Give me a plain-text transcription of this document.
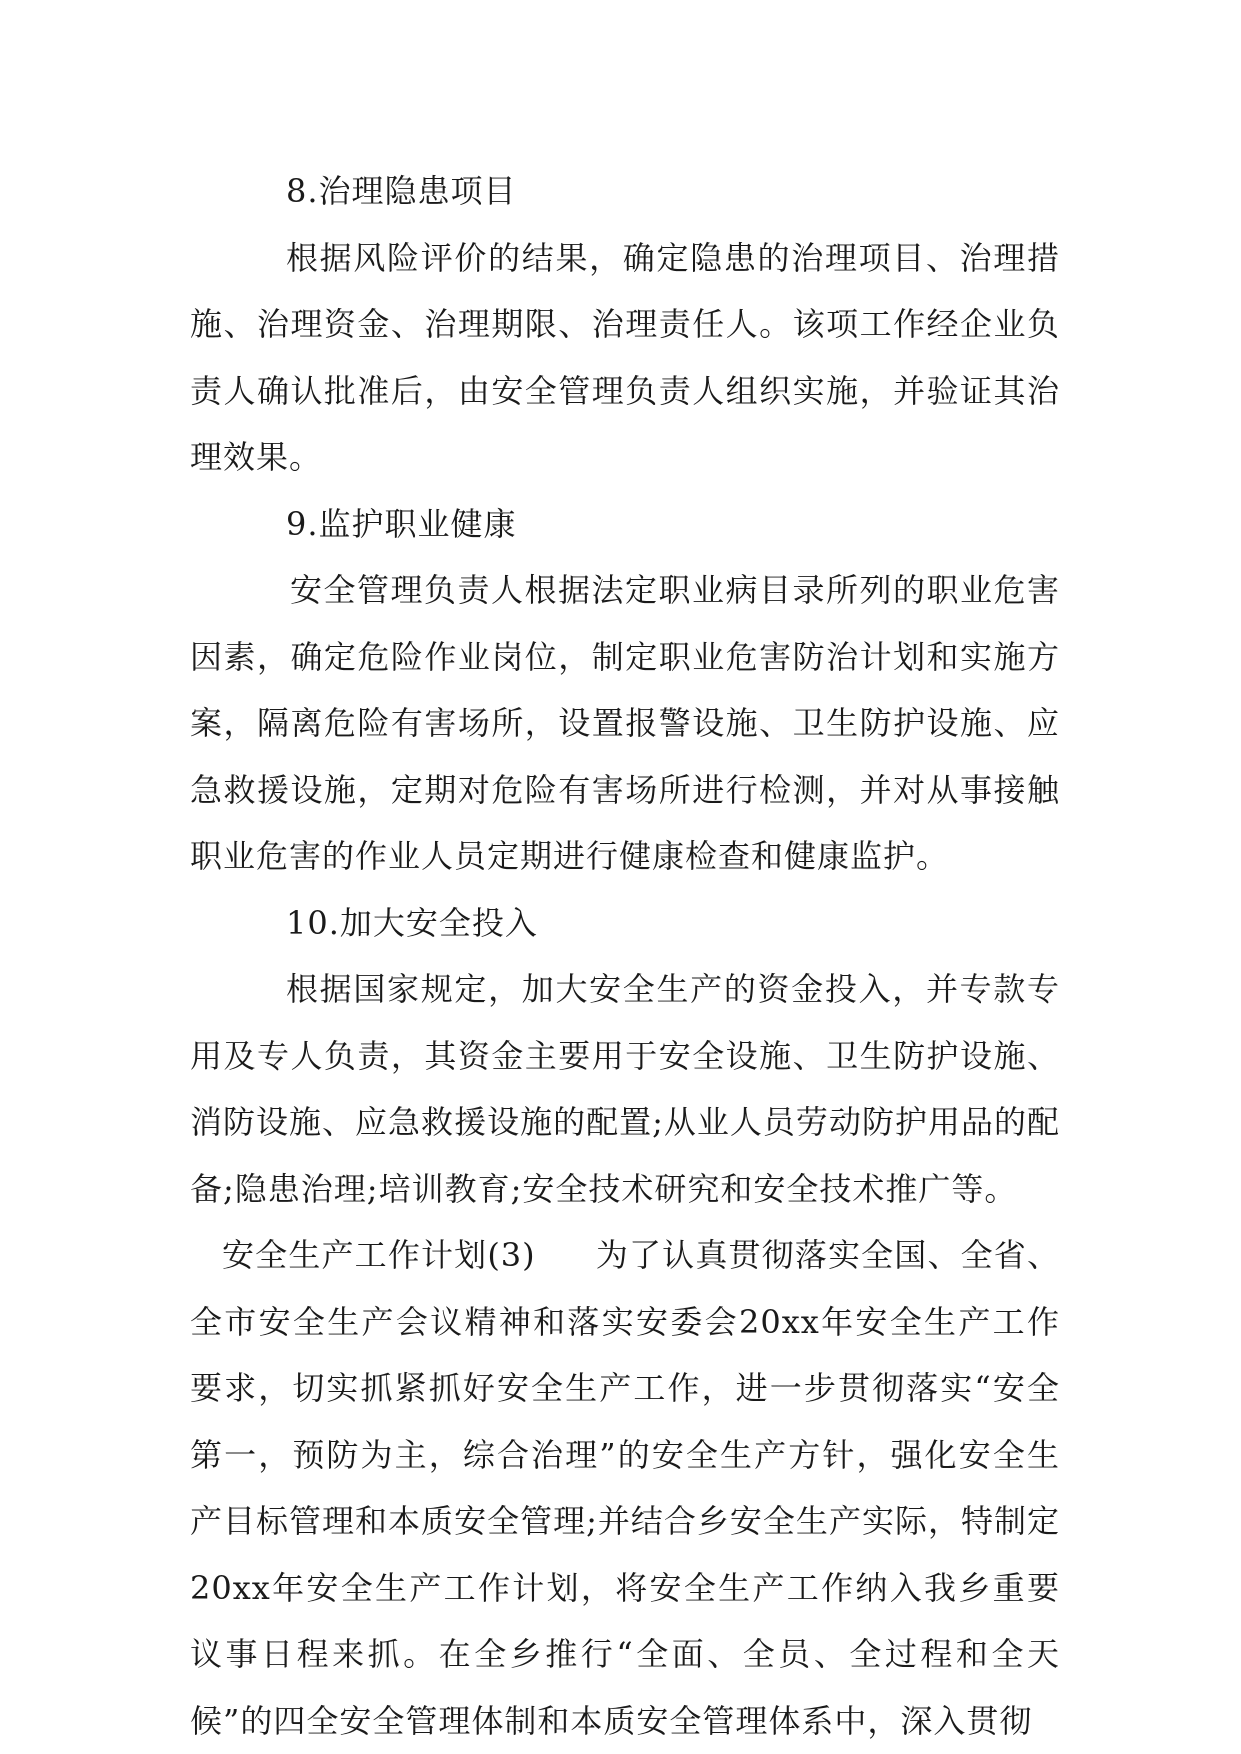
8.治理隐患项目

根据风险评价的结果，确定隐患的治理项目、治理措施、治理资金、治理期限、治理责任人。该项工作经企业负责人确认批准后，由安全管理负责人组织实施，并验证其治理效果。

9.监护职业健康

安全管理负责人根据法定职业病目录所列的职业危害因素，确定危险作业岗位，制定职业危害防治计划和实施方案，隔离危险有害场所，设置报警设施、卫生防护设施、应急救援设施，定期对危险有害场所进行检测，并对从事接触职业危害的作业人员定期进行健康检查和健康监护。

10.加大安全投入

根据国家规定，加大安全生产的资金投入，并专款专用及专人负责，其资金主要用于安全设施、卫生防护设施、消防设施、应急救援设施的配置;从业人员劳动防护用品的配备;隐患治理;培训教育;安全技术研究和安全技术推广等。

安全生产工作计划(3) 为了认真贯彻落实全国、全省、全市安全生产会议精神和落实安委会20xx年安全生产工作要求，切实抓紧抓好安全生产工作，进一步贯彻落实“安全第一，预防为主，综合治理”的安全生产方针，强化安全生产目标管理和本质安全管理;并结合乡安全生产实际，特制定20xx年安全生产工作计划，将安全生产工作纳入我乡重要议事日程来抓。在全乡推行“全面、全员、全过程和全天候”的四全安全管理体制和本质安全管理体系中，深入贯彻
